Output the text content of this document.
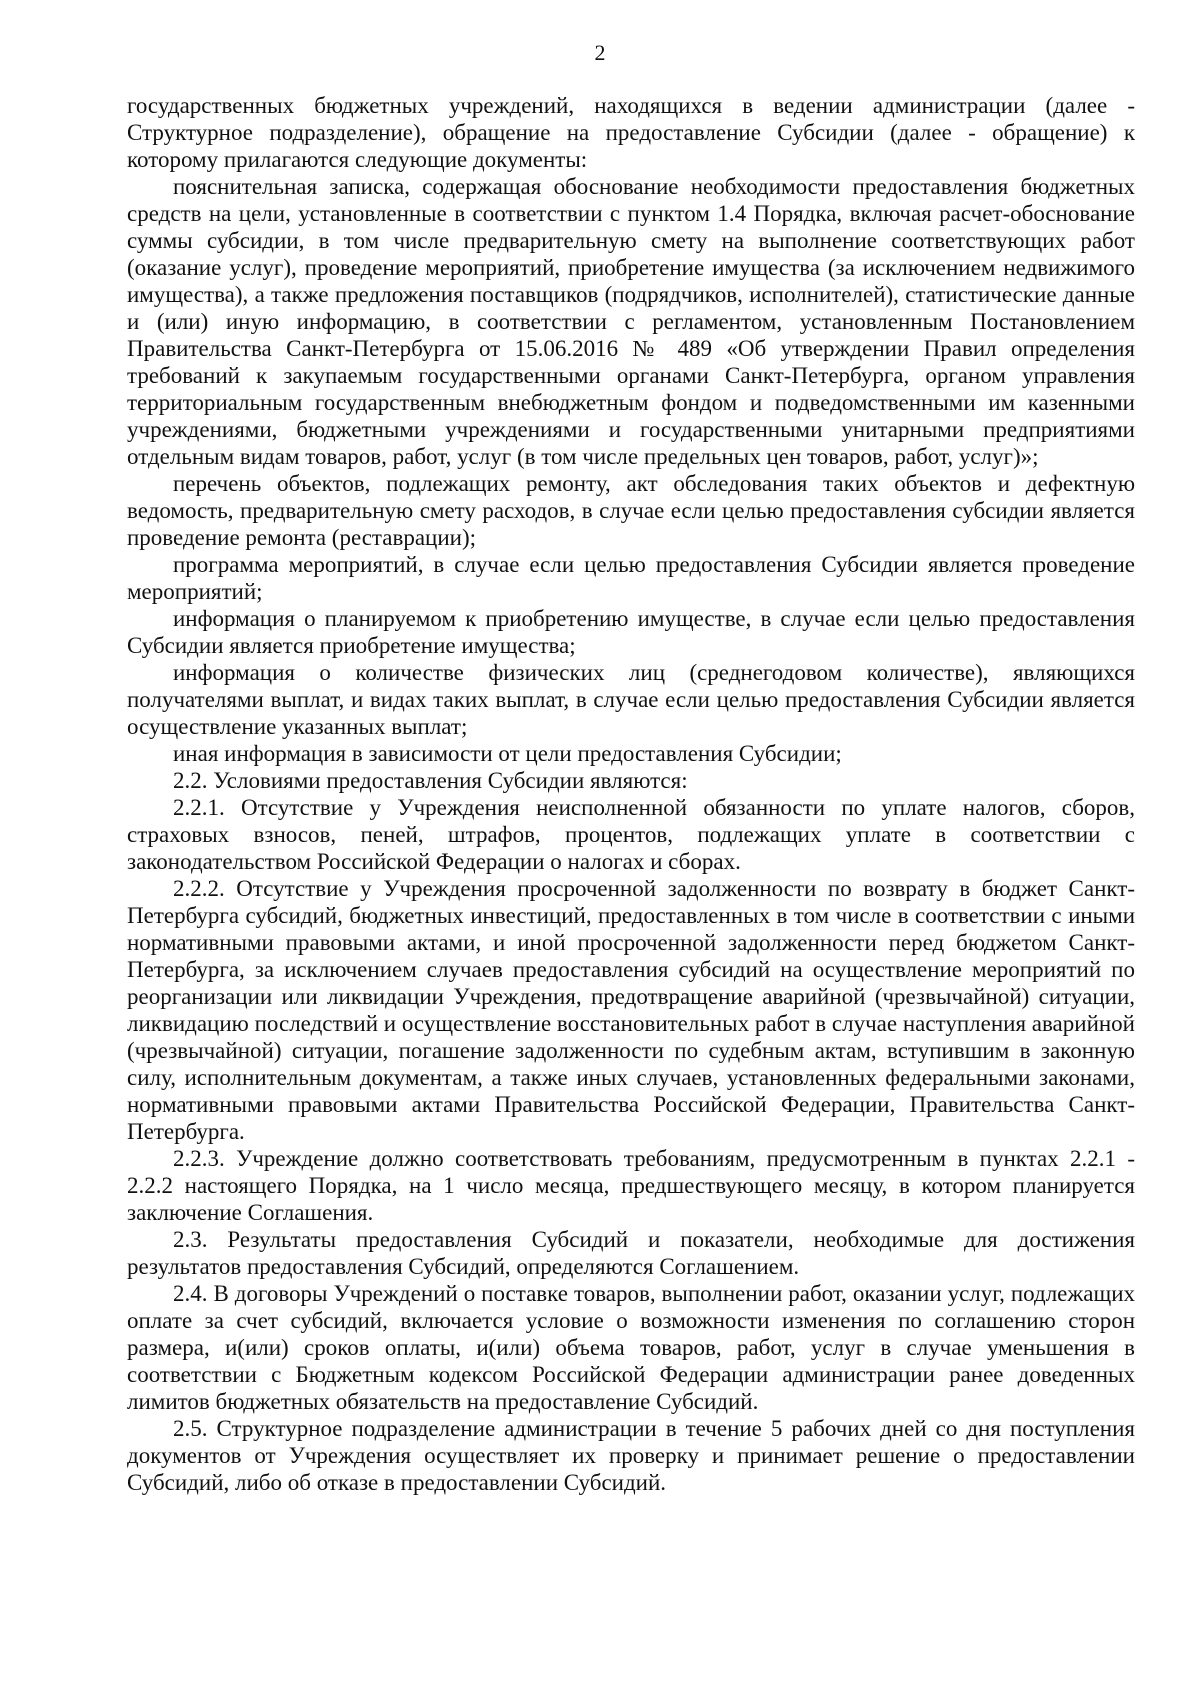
2

государственных бюджетных учреждений, находящихся в ведении администрации (далее - Структурное подразделение), обращение на предоставление Субсидии (далее - обращение) к которому прилагаются следующие документы:

пояснительная записка, содержащая обоснование необходимости предоставления бюджетных средств на цели, установленные в соответствии с пунктом 1.4 Порядка, включая расчет-обоснование суммы субсидии, в том числе предварительную смету на выполнение соответствующих работ (оказание услуг), проведение мероприятий, приобретение имущества (за исключением недвижимого имущества), а также предложения поставщиков (подрядчиков, исполнителей), статистические данные и (или) иную информацию, в соответствии с регламентом, установленным Постановлением Правительства Санкт-Петербурга от 15.06.2016 № 489 «Об утверждении Правил определения требований к закупаемым государственными органами Санкт-Петербурга, органом управления территориальным государственным внебюджетным фондом и подведомственными им казенными учреждениями, бюджетными учреждениями и государственными унитарными предприятиями отдельным видам товаров, работ, услуг (в том числе предельных цен товаров, работ, услуг)»;

перечень объектов, подлежащих ремонту, акт обследования таких объектов и дефектную ведомость, предварительную смету расходов, в случае если целью предоставления субсидии является проведение ремонта (реставрации);

программа мероприятий, в случае если целью предоставления Субсидии является проведение мероприятий;

информация о планируемом к приобретению имуществе, в случае если целью предоставления Субсидии является приобретение имущества;

информация о количестве физических лиц (среднегодовом количестве), являющихся получателями выплат, и видах таких выплат, в случае если целью предоставления Субсидии является осуществление указанных выплат;

иная информация в зависимости от цели предоставления Субсидии;

2.2. Условиями предоставления Субсидии являются:

2.2.1. Отсутствие у Учреждения неисполненной обязанности по уплате налогов, сборов, страховых взносов, пеней, штрафов, процентов, подлежащих уплате в соответствии с законодательством Российской Федерации о налогах и сборах.

2.2.2. Отсутствие у Учреждения просроченной задолженности по возврату в бюджет Санкт-Петербурга субсидий, бюджетных инвестиций, предоставленных в том числе в соответствии с иными нормативными правовыми актами, и иной просроченной задолженности перед бюджетом Санкт-Петербурга, за исключением случаев предоставления субсидий на осуществление мероприятий по реорганизации или ликвидации Учреждения, предотвращение аварийной (чрезвычайной) ситуации, ликвидацию последствий и осуществление восстановительных работ в случае наступления аварийной (чрезвычайной) ситуации, погашение задолженности по судебным актам, вступившим в законную силу, исполнительным документам, а также иных случаев, установленных федеральными законами, нормативными правовыми актами Правительства Российской Федерации, Правительства Санкт-Петербурга.

2.2.3. Учреждение должно соответствовать требованиям, предусмотренным в пунктах 2.2.1 - 2.2.2 настоящего Порядка, на 1 число месяца, предшествующего месяцу, в котором планируется заключение Соглашения.

2.3. Результаты предоставления Субсидий и показатели, необходимые для достижения результатов предоставления Субсидий, определяются Соглашением.

2.4. В договоры Учреждений о поставке товаров, выполнении работ, оказании услуг, подлежащих оплате за счет субсидий, включается условие о возможности изменения по соглашению сторон размера, и(или) сроков оплаты, и(или) объема товаров, работ, услуг в случае уменьшения в соответствии с Бюджетным кодексом Российской Федерации администрации ранее доведенных лимитов бюджетных обязательств на предоставление Субсидий.

2.5. Структурное подразделение администрации в течение 5 рабочих дней со дня поступления документов от Учреждения осуществляет их проверку и принимает решение о предоставлении Субсидий, либо об отказе в предоставлении Субсидий.
